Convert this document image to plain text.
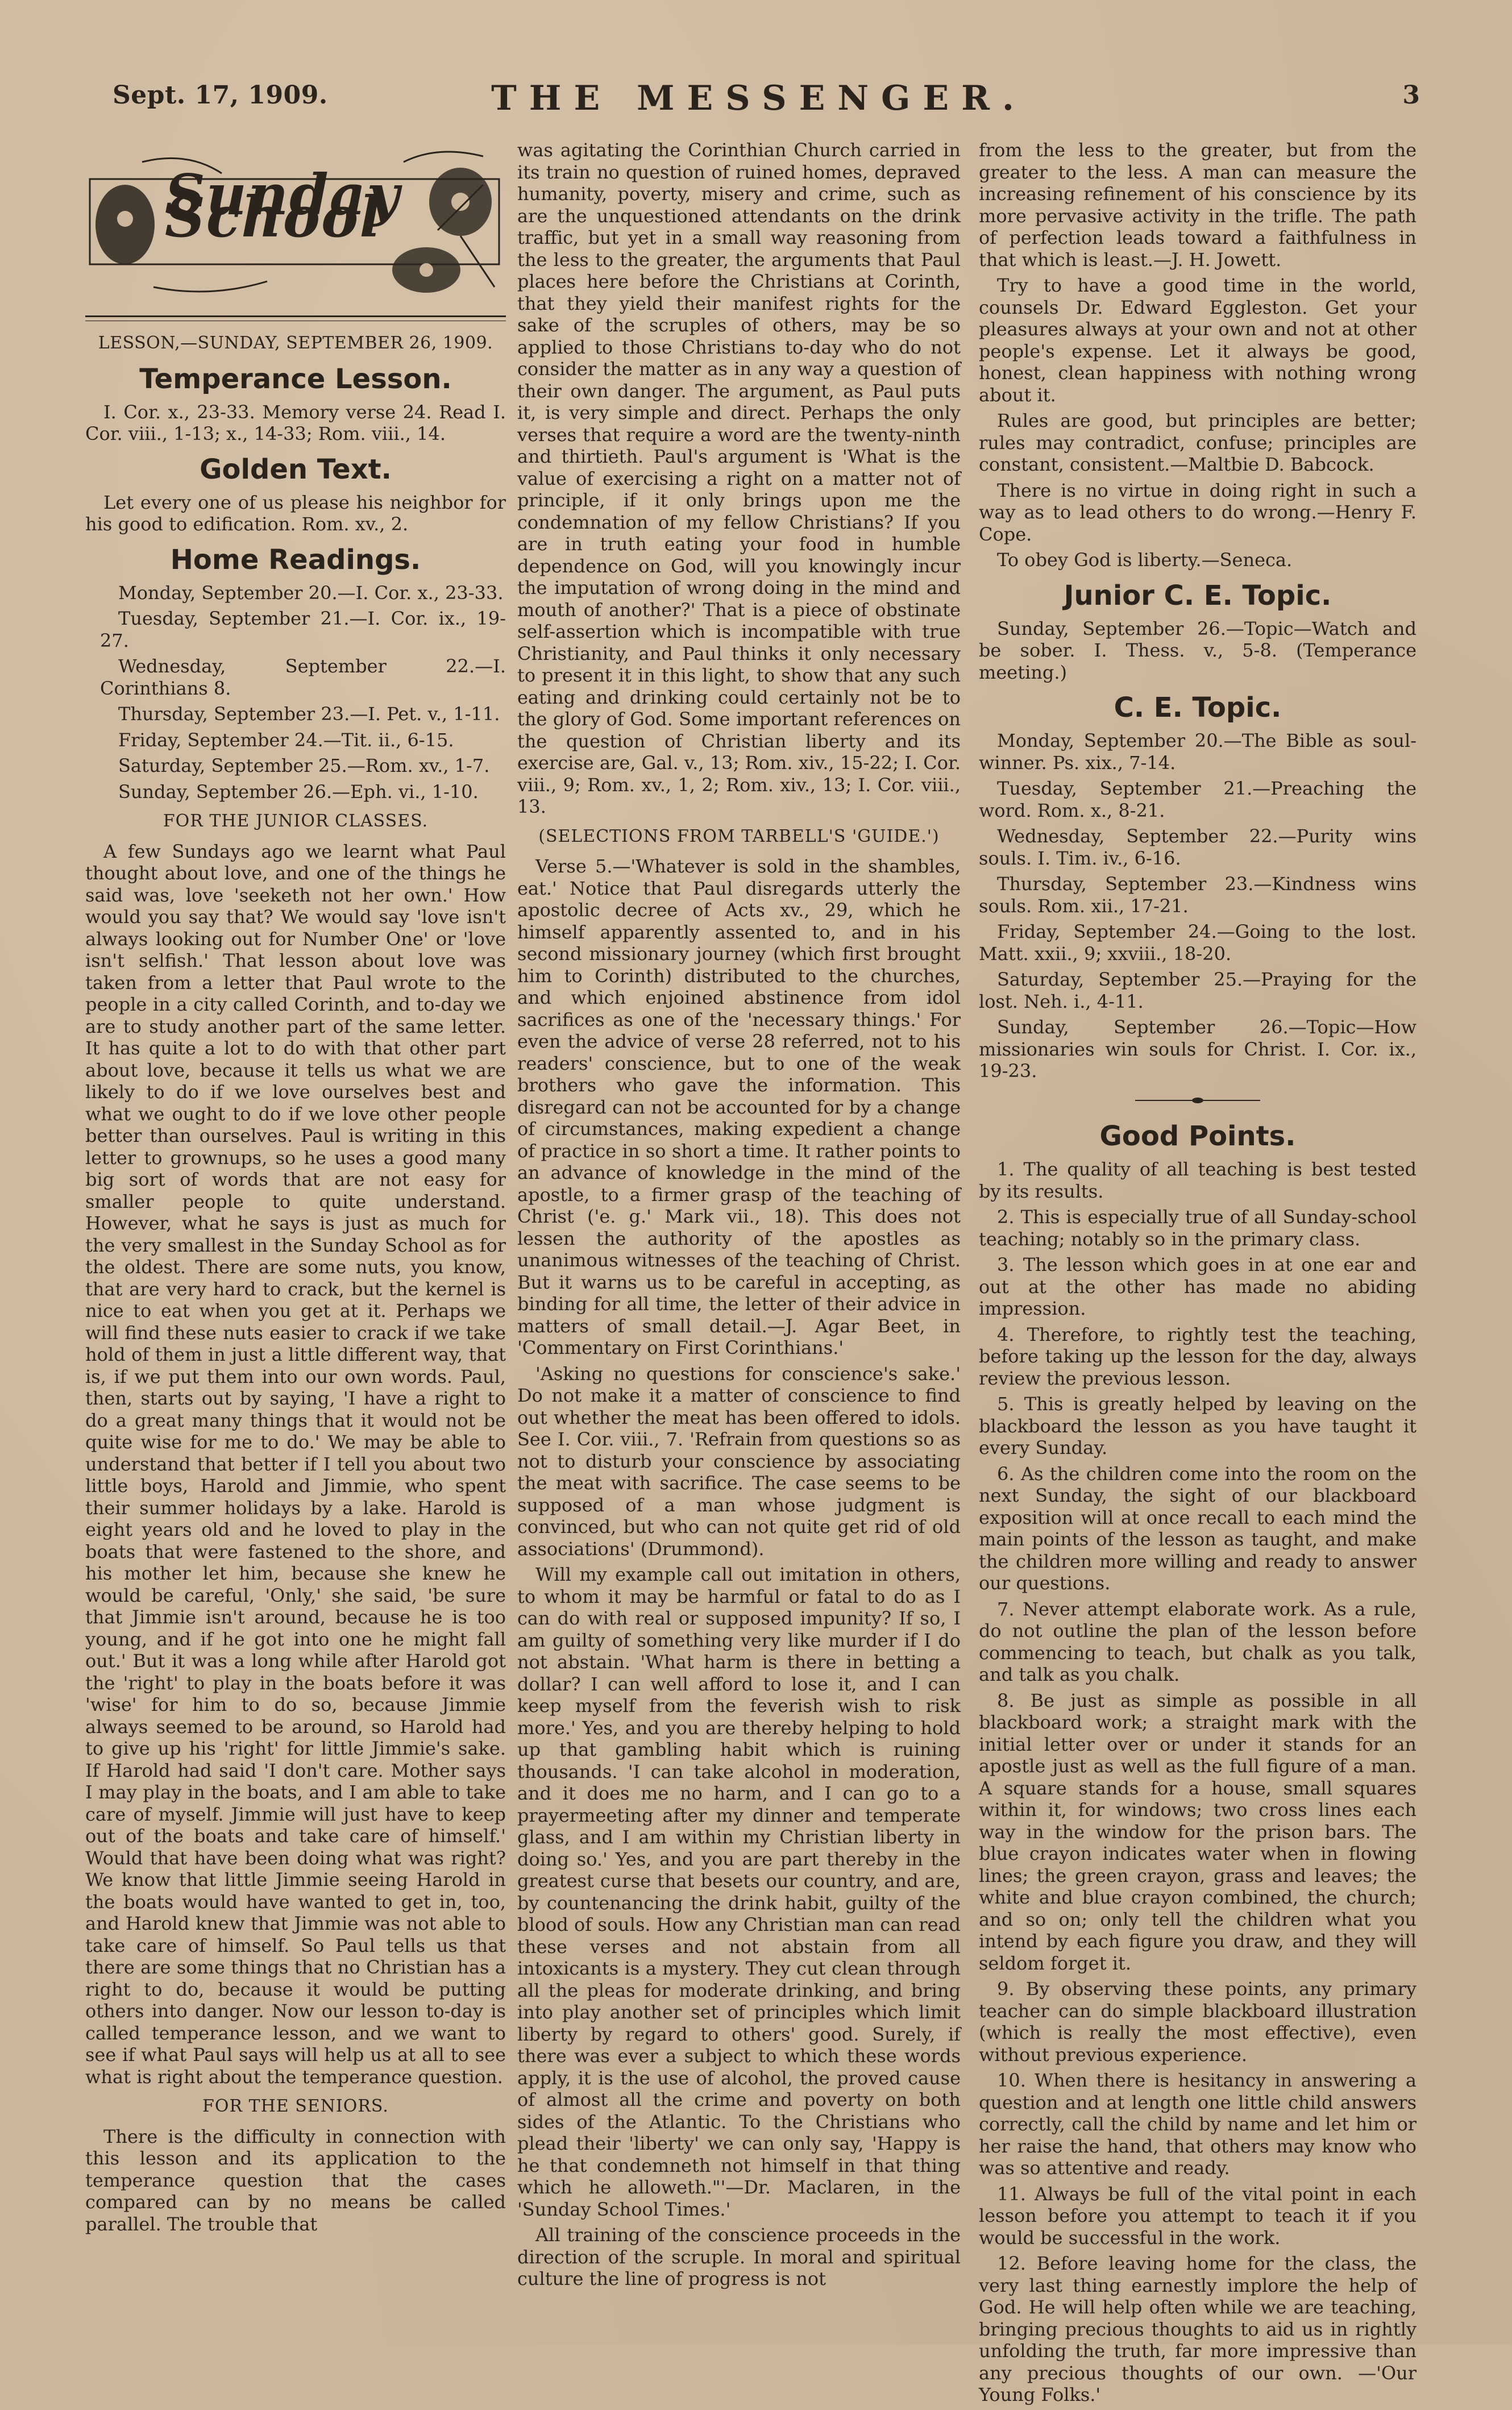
Sept. 17, 1909.	THE MESSENGER.	3
Sunday School
LESSON,—SUNDAY, SEPTEMBER 26, 1909.
Temperance Lesson.

I. Cor. x., 23-33. Memory verse 24. Read I. Cor. viii., 1-13; x., 14-33; Rom. viii., 14.

Golden Text.

Let every one of us please his neighbor for his good to edification. Rom. xv., 2.

Home Readings.

Monday, September 20.—I. Cor. x., 23-33.

Tuesday, September 21.—I. Cor. ix., 19-27.

Wednesday, September 22.—I. Corinthians 8.

Thursday, September 23.—I. Pet. v., 1-11.

Friday, September 24.—Tit. ii., 6-15.

Saturday, September 25.—Rom. xv., 1-7.

Sunday, September 26.—Eph. vi., 1-10.

FOR THE JUNIOR CLASSES.

A few Sundays ago we learnt what Paul thought about love, and one of the things he said was, love 'seeketh not her own.' How would you say that? We would say 'love isn't always looking out for Number One' or 'love isn't selfish.' That lesson about love was taken from a letter that Paul wrote to the people in a city called Corinth, and to-day we are to study another part of the same letter. It has quite a lot to do with that other part about love, because it tells us what we are likely to do if we love ourselves best and what we ought to do if we love other people better than ourselves. Paul is writing in this letter to grownups, so he uses a good many big sort of words that are not easy for smaller people to quite understand. However, what he says is just as much for the very smallest in the Sunday School as for the oldest. There are some nuts, you know, that are very hard to crack, but the kernel is nice to eat when you get at it. Perhaps we will find these nuts easier to crack if we take hold of them in just a little different way, that is, if we put them into our own words. Paul, then, starts out by saying, 'I have a right to do a great many things that it would not be quite wise for me to do.' We may be able to understand that better if I tell you about two little boys, Harold and Jimmie, who spent their summer holidays by a lake. Harold is eight years old and he loved to play in the boats that were fastened to the shore, and his mother let him, because she knew he would be careful, 'Only,' she said, 'be sure that Jimmie isn't around, because he is too young, and if he got into one he might fall out.' But it was a long while after Harold got the 'right' to play in the boats before it was 'wise' for him to do so, because Jimmie always seemed to be around, so Harold had to give up his 'right' for little Jimmie's sake. If Harold had said 'I don't care. Mother says I may play in the boats, and I am able to take care of myself. Jimmie will just have to keep out of the boats and take care of himself.' Would that have been doing what was right? We know that little Jimmie seeing Harold in the boats would have wanted to get in, too, and Harold knew that Jimmie was not able to take care of himself. So Paul tells us that there are some things that no Christian has a right to do, because it would be putting others into danger. Now our lesson to-day is called temperance lesson, and we want to see if what Paul says will help us at all to see what is right about the temperance question.

FOR THE SENIORS.

There is the difficulty in connection with this lesson and its application to the temperance question that the cases compared can by no means be called parallel. The trouble that

was agitating the Corinthian Church carried in its train no question of ruined homes, depraved humanity, poverty, misery and crime, such as are the unquestioned attendants on the drink traffic, but yet in a small way reasoning from the less to the greater, the arguments that Paul places here before the Christians at Corinth, that they yield their manifest rights for the sake of the scruples of others, may be so applied to those Christians to-day who do not consider the matter as in any way a question of their own danger. The argument, as Paul puts it, is very simple and direct. Perhaps the only verses that require a word are the twenty-ninth and thirtieth. Paul's argument is 'What is the value of exercising a right on a matter not of principle, if it only brings upon me the condemnation of my fellow Christians? If you are in truth eating your food in humble dependence on God, will you knowingly incur the imputation of wrong doing in the mind and mouth of another?' That is a piece of obstinate self-assertion which is incompatible with true Christianity, and Paul thinks it only necessary to present it in this light, to show that any such eating and drinking could certainly not be to the glory of God. Some important references on the question of Christian liberty and its exercise are, Gal. v., 13; Rom. xiv., 15-22; I. Cor. viii., 9; Rom. xv., 1, 2; Rom. xiv., 13; I. Cor. viii., 13.

(SELECTIONS FROM TARBELL'S 'GUIDE.')

Verse 5.—'Whatever is sold in the shambles, eat.' Notice that Paul disregards utterly the apostolic decree of Acts xv., 29, which he himself apparently assented to, and in his second missionary journey (which first brought him to Corinth) distributed to the churches, and which enjoined abstinence from idol sacrifices as one of the 'necessary things.' For even the advice of verse 28 referred, not to his readers' conscience, but to one of the weak brothers who gave the information. This disregard can not be accounted for by a change of circumstances, making expedient a change of practice in so short a time. It rather points to an advance of knowledge in the mind of the apostle, to a firmer grasp of the teaching of Christ ('e. g.' Mark vii., 18). This does not lessen the authority of the apostles as unanimous witnesses of the teaching of Christ. But it warns us to be careful in accepting, as binding for all time, the letter of their advice in matters of small detail.—J. Agar Beet, in 'Commentary on First Corinthians.'

'Asking no questions for conscience's sake.' Do not make it a matter of conscience to find out whether the meat has been offered to idols. See I. Cor. viii., 7. 'Refrain from questions so as not to disturb your conscience by associating the meat with sacrifice. The case seems to be supposed of a man whose judgment is convinced, but who can not quite get rid of old associations' (Drummond).

Will my example call out imitation in others, to whom it may be harmful or fatal to do as I can do with real or supposed impunity? If so, I am guilty of something very like murder if I do not abstain. 'What harm is there in betting a dollar? I can well afford to lose it, and I can keep myself from the feverish wish to risk more.' Yes, and you are thereby helping to hold up that gambling habit which is ruining thousands. 'I can take alcohol in moderation, and it does me no harm, and I can go to a prayermeeting after my dinner and temperate glass, and I am within my Christian liberty in doing so.' Yes, and you are part thereby in the greatest curse that besets our country, and are, by countenancing the drink habit, guilty of the blood of souls. How any Christian man can read these verses and not abstain from all intoxicants is a mystery. They cut clean through all the pleas for moderate drinking, and bring into play another set of principles which limit liberty by regard to others' good. Surely, if there was ever a subject to which these words apply, it is the use of alcohol, the proved cause of almost all the crime and poverty on both sides of the Atlantic. To the Christians who plead their 'liberty' we can only say, 'Happy is he that condemneth not himself in that thing which he alloweth."'—Dr. Maclaren, in the 'Sunday School Times.'

All training of the conscience proceeds in the direction of the scruple. In moral and spiritual culture the line of progress is not

from the less to the greater, but from the greater to the less. A man can measure the increasing refinement of his conscience by its more pervasive activity in the trifle. The path of perfection leads toward a faithfulness in that which is least.—J. H. Jowett.

Try to have a good time in the world, counsels Dr. Edward Eggleston. Get your pleasures always at your own and not at other people's expense. Let it always be good, honest, clean happiness with nothing wrong about it.

Rules are good, but principles are better; rules may contradict, confuse; principles are constant, consistent.—Maltbie D. Babcock.

There is no virtue in doing right in such a way as to lead others to do wrong.—Henry F. Cope.

To obey God is liberty.—Seneca.

Junior C. E. Topic.

Sunday, September 26.—Topic—Watch and be sober. I. Thess. v., 5-8. (Temperance meeting.)

C. E. Topic.

Monday, September 20.—The Bible as soul-winner. Ps. xix., 7-14.

Tuesday, September 21.—Preaching the word. Rom. x., 8-21.

Wednesday, September 22.—Purity wins souls. I. Tim. iv., 6-16.

Thursday, September 23.—Kindness wins souls. Rom. xii., 17-21.

Friday, September 24.—Going to the lost. Matt. xxii., 9; xxviii., 18-20.

Saturday, September 25.—Praying for the lost. Neh. i., 4-11.

Sunday, September 26.—Topic—How missionaries win souls for Christ. I. Cor. ix., 19-23.

Good Points.

1. The quality of all teaching is best tested by its results.

2. This is especially true of all Sunday-school teaching; notably so in the primary class.

3. The lesson which goes in at one ear and out at the other has made no abiding impression.

4. Therefore, to rightly test the teaching, before taking up the lesson for the day, always review the previous lesson.

5. This is greatly helped by leaving on the blackboard the lesson as you have taught it every Sunday.

6. As the children come into the room on the next Sunday, the sight of our blackboard exposition will at once recall to each mind the main points of the lesson as taught, and make the children more willing and ready to answer our questions.

7. Never attempt elaborate work. As a rule, do not outline the plan of the lesson before commencing to teach, but chalk as you talk, and talk as you chalk.

8. Be just as simple as possible in all blackboard work; a straight mark with the initial letter over or under it stands for an apostle just as well as the full figure of a man. A square stands for a house, small squares within it, for windows; two cross lines each way in the window for the prison bars. The blue crayon indicates water when in flowing lines; the green crayon, grass and leaves; the white and blue crayon combined, the church; and so on; only tell the children what you intend by each figure you draw, and they will seldom forget it.

9. By observing these points, any primary teacher can do simple blackboard illustration (which is really the most effective), even without previous experience.

10. When there is hesitancy in answering a question and at length one little child answers correctly, call the child by name and let him or her raise the hand, that others may know who was so attentive and ready.

11. Always be full of the vital point in each lesson before you attempt to teach it if you would be successful in the work.

12. Before leaving home for the class, the very last thing earnestly implore the help of God. He will help often while we are teaching, bringing precious thoughts to aid us in rightly unfolding the truth, far more impressive than any precious thoughts of our own. —'Our Young Folks.'
